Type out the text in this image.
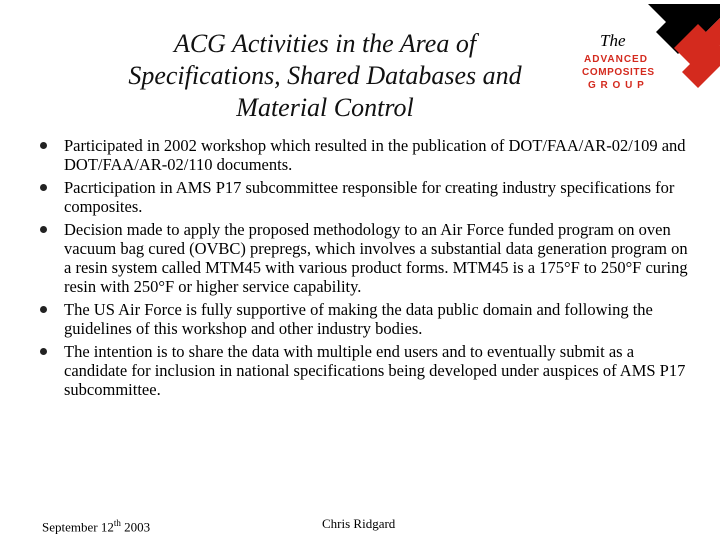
ACG Activities in the Area of
Specifications, Shared Databases and
Material Control
The
ADVANCED
COMPOSITES
G R O U P
Participated in 2002 workshop which resulted in the publication of DOT/FAA/AR-02/109 and DOT/FAA/AR-02/110 documents.
Pacrticipation in AMS P17 subcommittee responsible for creating industry specifications for composites.
Decision made to apply the proposed methodology to an Air Force funded program on oven vacuum bag cured (OVBC) prepregs, which involves a substantial data generation program on a resin system called MTM45 with various product forms. MTM45 is a 175°F to 250°F curing resin with 250°F or higher service capability.
The US Air Force is fully supportive of making the data public domain and following the guidelines of this workshop and other industry bodies.
The intention is to share the data with multiple end users and to eventually submit as a candidate for inclusion in national specifications being developed under auspices of AMS P17 subcommittee.
September 12th 2003	Chris Ridgard
